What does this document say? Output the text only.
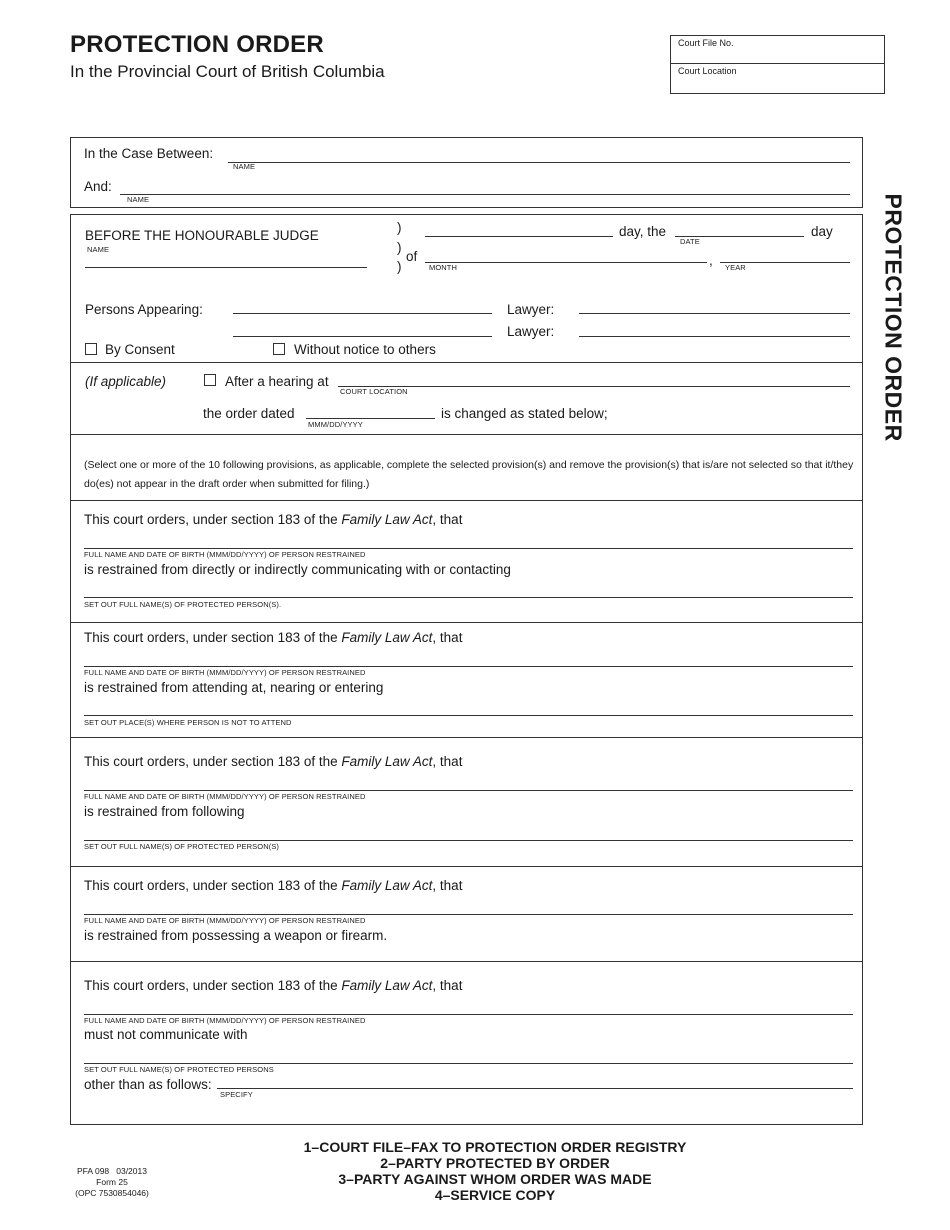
PROTECTION ORDER
In the Provincial Court of British Columbia
Court File No.
Court Location
PROTECTION ORDER
In the Case Between:
NAME
And:
NAME
BEFORE THE HONOURABLE JUDGE
NAME
)
)
)
day, the
DATE
day
of
MONTH	, YEAR
Persons Appearing:	Lawyer:
Lawyer:
By Consent	Without notice to others
(If applicable)	After a hearing at
COURT LOCATION
the order dated
MMM/DD/YYYY
is changed as stated below;
(Select one or more of the 10 following provisions, as applicable, complete the selected provision(s) and remove the provision(s) that is/are not selected so that it/they do(es) not appear in the draft order when submitted for filing.)
This court orders, under section 183 of the Family Law Act, that
FULL NAME AND DATE OF BIRTH (MMM/DD/YYYY) OF PERSON RESTRAINED
is restrained from directly or indirectly communicating with or contacting
SET OUT FULL NAME(S) OF PROTECTED PERSON(S).
This court orders, under section 183 of the Family Law Act, that
FULL NAME AND DATE OF BIRTH (MMM/DD/YYYY) OF PERSON RESTRAINED
is restrained from attending at, nearing or entering
SET OUT PLACE(S) WHERE PERSON IS NOT TO ATTEND
This court orders, under section 183 of the Family Law Act, that
FULL NAME AND DATE OF BIRTH (MMM/DD/YYYY) OF PERSON RESTRAINED
is restrained from following
SET OUT FULL NAME(S) OF PROTECTED PERSON(S)
This court orders, under section 183 of the Family Law Act, that
FULL NAME AND DATE OF BIRTH (MMM/DD/YYYY) OF PERSON RESTRAINED
is restrained from possessing a weapon or firearm.
This court orders, under section 183 of the Family Law Act, that
FULL NAME AND DATE OF BIRTH (MMM/DD/YYYY) OF PERSON RESTRAINED
must not communicate with
SET OUT FULL NAME(S) OF PROTECTED PERSONS
other than as follows:
SPECIFY
1–COURT FILE–FAX TO PROTECTION ORDER REGISTRY
2–PARTY PROTECTED BY ORDER
3–PARTY AGAINST WHOM ORDER WAS MADE
4–SERVICE COPY
PFA 098   03/2013
Form 25
(OPC 7530854046)
